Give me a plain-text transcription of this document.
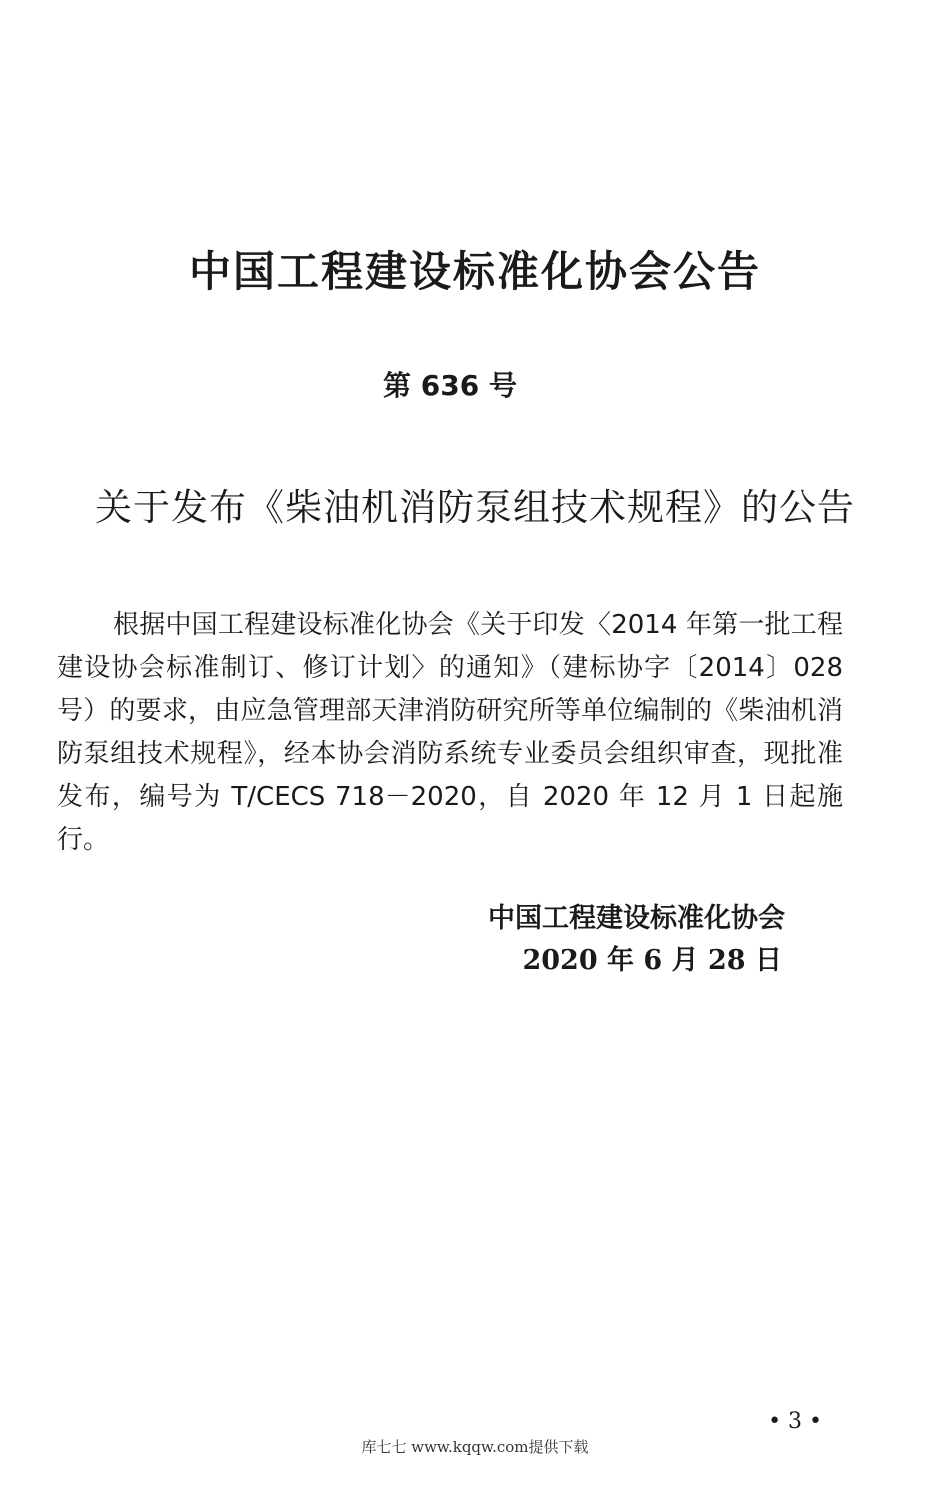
中国工程建设标准化协会公告
第 636 号
关于发布《柴油机消防泵组技术规程》的公告

根据中国工程建设标准化协会《关于印发〈2014 年第一批工程建设协会标准制订、修订计划〉的通知》（建标协字〔2014〕028 号）的要求，由应急管理部天津消防研究所等单位编制的《柴油机消防泵组技术规程》，经本协会消防系统专业委员会组织审查，现批准发布，编号为 T/CECS 718－2020，自 2020 年 12 月 1 日起施行。

中国工程建设标准化协会
2020 年 6 月 28 日
• 3 •
库七七 www.kqqw.com提供下载
